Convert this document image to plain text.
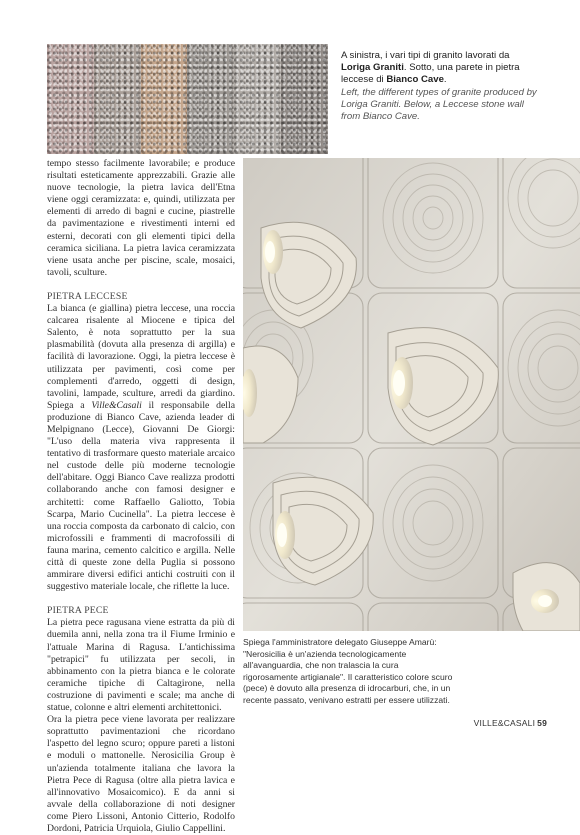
A sinistra, i vari tipi di granito lavorati da Loriga Graniti. Sotto, una parete in pietra leccese di Bianco Cave.
Left, the different types of granite produced by Loriga Graniti. Below, a Leccese stone wall from Bianco Cave.

tempo stesso facilmente lavorabile; e produce risultati esteticamente apprezzabili. Grazie alle nuove tecnologie, la pietra lavica dell'Etna viene oggi ceramizzata: e, quindi, utilizzata per elementi di arredo di bagni e cucine, piastrelle da pavimentazione e rivestimenti interni ed esterni, decorati con gli elementi tipici della ceramica siciliana. La pietra lavica ceramizzata viene usata anche per piscine, scale, mosaici, tavoli, sculture.

PIETRA LECCESE

La bianca (e giallina) pietra leccese, una roccia calcarea risalente al Miocene e tipica del Salento, è nota soprattutto per la sua plasmabilità (dovuta alla presenza di argilla) e facilità di lavorazione. Oggi, la pietra leccese è utilizzata per pavimenti, così come per complementi d'arredo, oggetti di design, tavolini, lampade, sculture, arredi da giardino. Spiega a Ville&Casali il responsabile della produzione di Bianco Cave, azienda leader di Melpignano (Lecce), Giovanni De Giorgi: "L'uso della materia viva rappresenta il tentativo di trasformare questo materiale arcaico nel custode delle più moderne tecnologie dell'abitare. Oggi Bianco Cave realizza prodotti collaborando anche con famosi designer e architetti: come Raffaello Galiotto, Tobia Scarpa, Mario Cucinella". La pietra leccese è una roccia composta da carbonato di calcio, con microfossili e frammenti di macrofossili di fauna marina, cemento calcitico e argilla. Nelle città di queste zone della Puglia si possono ammirare diversi edifici antichi costruiti con il suggestivo materiale locale, che riflette la luce.

PIETRA PECE

La pietra pece ragusana viene estratta da più di duemila anni, nella zona tra il Fiume Irminio e l'attuale Marina di Ragusa. L'antichissima "petrapici" fu utilizzata per secoli, in abbinamento con la pietra bianca e le colorate ceramiche tipiche di Caltagirone, nella costruzione di pavimenti e scale; ma anche di statue, colonne e altri elementi architettonici.

Ora la pietra pece viene lavorata per realizzare soprattutto pavimentazioni che ricordano l'aspetto del legno scuro; oppure pareti a listoni e moduli o mattonelle. Nerosicilia Group è un'azienda totalmente italiana che lavora la Pietra Pece di Ragusa (oltre alla pietra lavica e all'innovativo Mosaicomico). E da anni si avvale della collaborazione di noti designer come Piero Lissoni, Antonio Citterio, Rodolfo Dordoni, Patricia Urquiola, Giulio Cappellini.

Spiega l'amministratore delegato Giuseppe Amarù: "Nerosicilia è un'azienda tecnologicamente all'avanguardia, che non tralascia la cura rigorosamente artigianale". Il caratteristico colore scuro (pece) è dovuto alla presenza di idrocarburi, che, in un recente passato, venivano estratti per essere utilizzati.
VILLE&CASALI 59
